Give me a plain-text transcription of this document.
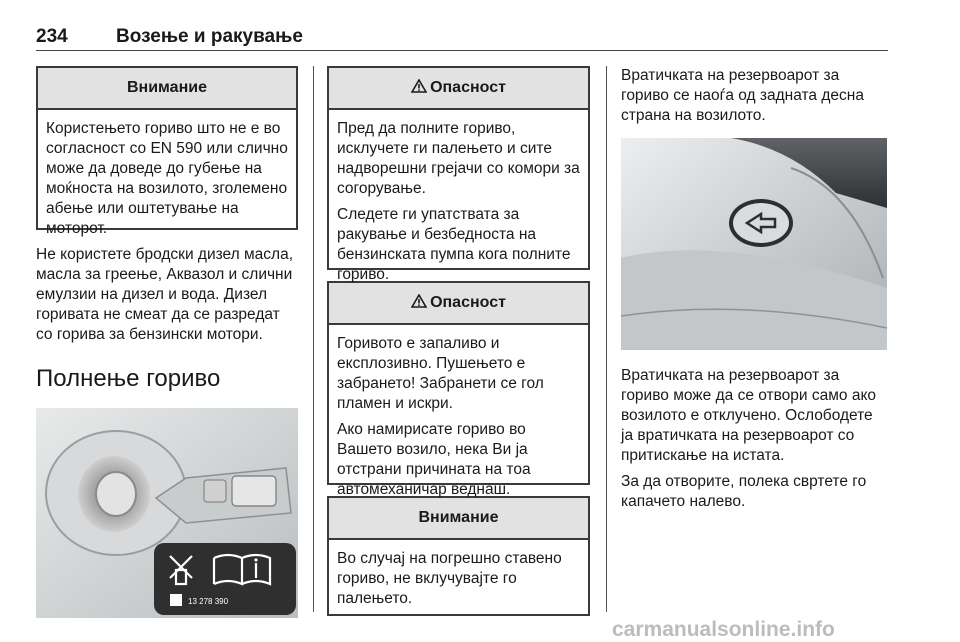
234	Возење и ракување
Внимание

Користењето гориво што не е во согласност со EN 590 или слично може да доведе до губење на моќноста на возилото, зголемено абење или оштетување на моторот.

Не користете бродски дизел масла, масла за греење, Аквазол и слични емулзии на дизел и вода. Дизел горивата не смеат да се разредат со горива за бензински мотори.

Полнење гориво
13 278 390
Опасност

Пред да полните гориво, исклучете ги палењето и сите надворешни грејачи со комори за согорување.

Следете ги упатствата за ракување и безбедноста на бензинската пумпа кога полните гориво.

Опасност

Горивото е запаливо и експлозивно. Пушењето е забрането! Забранети се гол пламен и искри.

Ако намирисате гориво во Вашето возило, нека Ви ја отстрани причината на тоа автомеханичар веднаш.

Внимание

Во случај на погрешно ставено гориво, не вклучувајте го палењето.

Вратичката на резервоарот за гориво се наоѓа од задната десна страна на возилото.

Вратичката на резервоарот за гориво може да се отвори само ако возилото е отклучено. Ослободете ја вратичката на резервоарот со притискање на истата.

За да отворите, полека свртете го капачето налево.

carmanualsonline.info
